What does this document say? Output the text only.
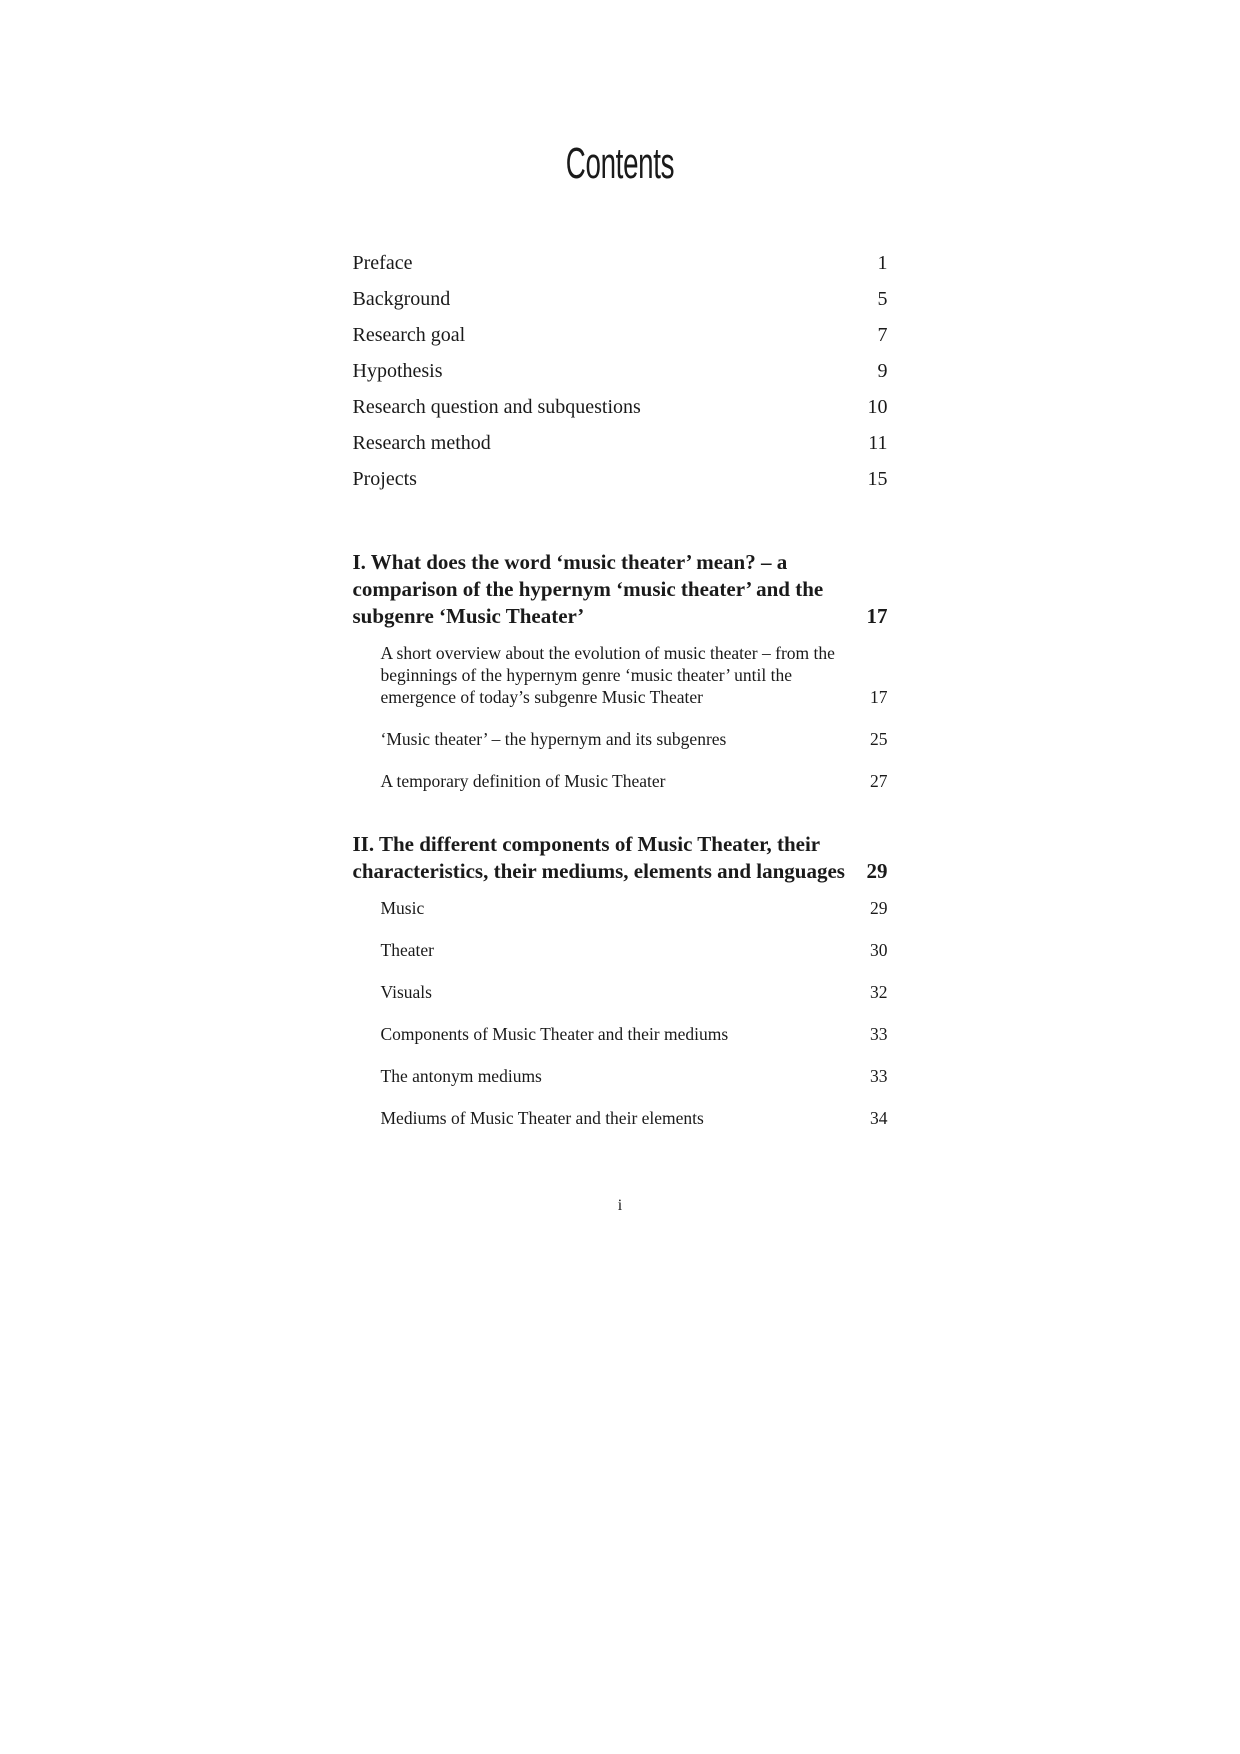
Contents
Preface	1
Background	5
Research goal	7
Hypothesis	9
Research question and subquestions	10
Research method	11
Projects	15
I. What does the word ‘music theater’ mean? – a comparison of the hypernym ‘music theater’ and the subgenre ‘Music Theater’	17
A short overview about the evolution of music theater – from the beginnings of the hypernym genre ‘music theater’ until the emergence of today’s subgenre Music Theater	17
‘Music theater’ – the hypernym and its subgenres	25
A temporary definition of Music Theater	27
II. The different components of Music Theater, their characteristics, their mediums, elements and languages	29
Music	29
Theater	30
Visuals	32
Components of Music Theater and their mediums	33
The antonym mediums	33
Mediums of Music Theater and their elements	34
i
